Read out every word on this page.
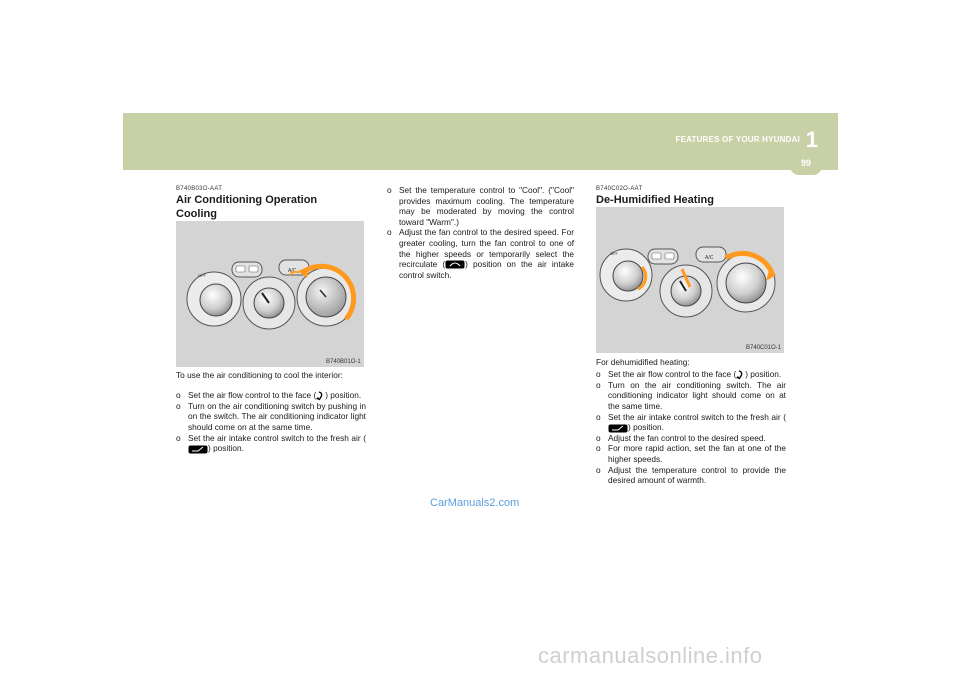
FEATURES OF YOUR HYUNDAI 1
99
B740B03O-AAT
Air Conditioning Operation
Cooling
OFF
A/C
B740B01O-1
To use the air conditioning to cool the interior:
o Set the air flow control to the face ( ) position.
o Turn on the air conditioning switch by pushing in on the switch. The air conditioning indicator light should come on at the same time.
o Set the air intake control switch to the fresh air () position.
o Set the temperature control to "Cool". ("Cool" provides maximum cooling. The temperature may be moderated by moving the control toward "Warm".)
o Adjust the fan control to the desired speed. For greater cooling, turn the fan control to one of the higher speeds or temporarily select the recirculate ( ) position on the air intake control switch.
B740C02O-AAT
De-Humidified Heating
OFF
A/C
B740C01O-1
For dehumidified heating:
o Set the air flow control to the face ( ) position.
o Turn on the air conditioning switch. The air conditioning indicator light should come on at the same time.
o Set the air intake control switch to the fresh air () position.
o Adjust the fan control to the desired speed.
o For more rapid action, set the fan at one of the higher speeds.
o Adjust the temperature control to provide the desired amount of warmth.
CarManuals2.com
carmanualsonline.info
